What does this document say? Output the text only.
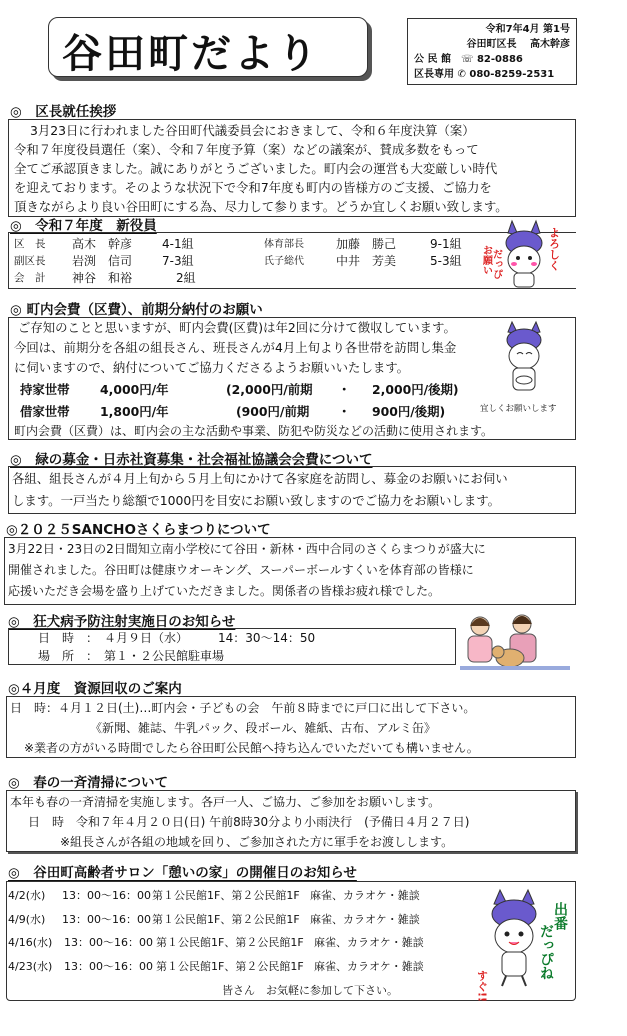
谷田町だより
令和7年4月 第1号
谷田町区長　 高木幹彦
公 民 館　 ☏ 82-0886
区長専用 ✆ 080-8259-2531
◎　区長就任挨拶
3月23日に行われました谷田町代議委員会におきまして、令和６年度決算（案）
令和７年度役員選任（案）、令和７年度予算（案）などの議案が、賛成多数をもって
全てご承認頂きました。誠にありがとうございました。町内会の運営も大変厳しい時代
を迎えております。そのような状況下で令和7年度も町内の皆様方のご支援、ご協力を
頂きながらより良い谷田町にする為、尽力して参ります。どうか宜しくお願い致します。
◎　令和７年度　新役員
区　長	高木　幹彦	4-1組
副区長	岩渕　信司	7-3組
会　計	神谷　和裕	2組
体育部長	加藤　勝己	9-1組
氏子総代	中井　芳美	5-3組 お願い だっぴ	よろしく
◎ 町内会費（区費）、前期分納付のお願い
ご存知のことと思いますが、町内会費(区費)は年2回に分けて徴収しています。
今回は、前期分を各組の組長さん、班長さんが4月上旬より各世帯を訪問し集金
に伺いますので、納付についてご協力くださるようお願いいたします。
持家世帯	4,000円/年	(2,000円/前期	・	2,000円/後期)
借家世帯	1,800円/年	(900円/前期	・	900円/後期)
町内会費（区費）は、町内会の主な活動や事業、防犯や防災などの活動に使用されます。
宜しくお願いします
◎　緑の募金・日赤社資募集・社会福祉協議会会費について
各組、組長さんが４月上旬から５月上旬にかけて各家庭を訪問し、募金のお願いにお伺い
します。一戸当たり総額で1000円を目安にお願い致しますのでご協力をお願いします。
◎２０２５SANCHOさくらまつりについて
3月22日・23日の2日間知立南小学校にて谷田・新林・西中合同のさくらまつりが盛大に
開催されました。谷田町は健康ウオーキング、スーパーボールすくいを体育部の皆様に
応援いただき会場を盛り上げていただきました。関係者の皆様お疲れ様でした。
◎　狂犬病予防注射実施日のお知らせ
日　時　：　 ４月９日（水）　　　14：30〜14：50
場　所　：　 第１・２公民館駐車場
◎４月度　資源回収のご案内
日　時：４月１２日(土)…町内会・子どもの会　午前８時までに戸口に出して下さい。
《新聞、雑誌、牛乳パック、段ボール、雑紙、古布、アルミ缶》
※業者の方がいる時間でしたら谷田町公民館へ持ち込んでいただいても構いません。
◎　春の一斉清掃について
本年も春の一斉清掃を実施します。各戸一人、ご協力、ご参加をお願いします。
日　時　令和７年４月２０日(日) 午前8時30分より小雨決行　(予備日４月２７日)
※組長さんが各組の地域を回り、ご参加された方に軍手をお渡しします。
◎　谷田町高齢者サロン「憩いの家」の開催日のお知らせ
4/2(水)	13：00〜16：00 第１公民館1F、第２公民館1F 麻雀、カラオケ・雑談
4/9(水)	13：00〜16：00 第１公民館1F、第２公民館1F 麻雀、カラオケ・雑談
4/16(水)	13：00〜16：00 第１公民館1F、第２公民館1F 麻雀、カラオケ・雑談
4/23(水)	13：00〜16：00 第１公民館1F、第２公民館1F 麻雀、カラオケ・雑談
皆さん　お気軽に参加して下さい。
出番
だっぴね
すぐ!!
